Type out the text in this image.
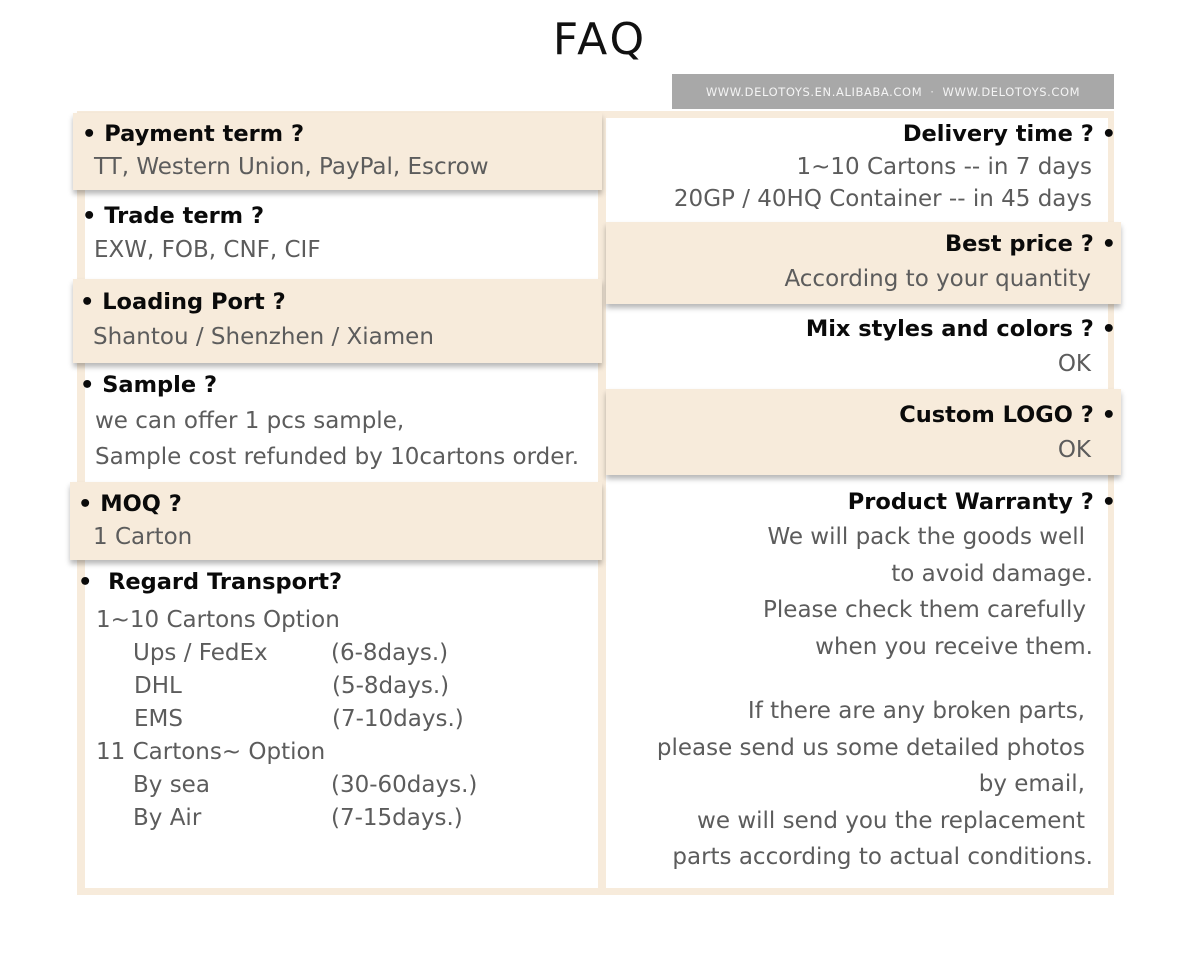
FAQ
WWW.DELOTOYS.EN.ALIBABA.COM · WWW.DELOTOYS.COM
• Payment term ?
TT, Western Union, PayPal, Escrow
• Trade term ?
EXW, FOB, CNF, CIF
• Loading Port ?
Shantou / Shenzhen / Xiamen
• Sample ?
we can offer 1 pcs sample,
Sample cost refunded by 10cartons order.
• MOQ ?
1 Carton
•  Regard Transport?
1~10 Cartons Option
Ups / FedEx	(6-8days.)
DHL	(5-8days.)
EMS	(7-10days.)
11 Cartons~ Option
By sea	(30-60days.)
By Air	(7-15days.)
Delivery time ? •
1~10 Cartons -- in 7 days
20GP / 40HQ Container -- in 45 days
Best price ? •
According to your quantity
Mix styles and colors ? •
OK
Custom LOGO ? •
OK
Product Warranty ? •
We will pack the goods well
to avoid damage.
Please check them carefully
when you receive them.
If there are any broken parts,
please send us some detailed photos
by email,
we will send you the replacement
parts according to actual conditions.
